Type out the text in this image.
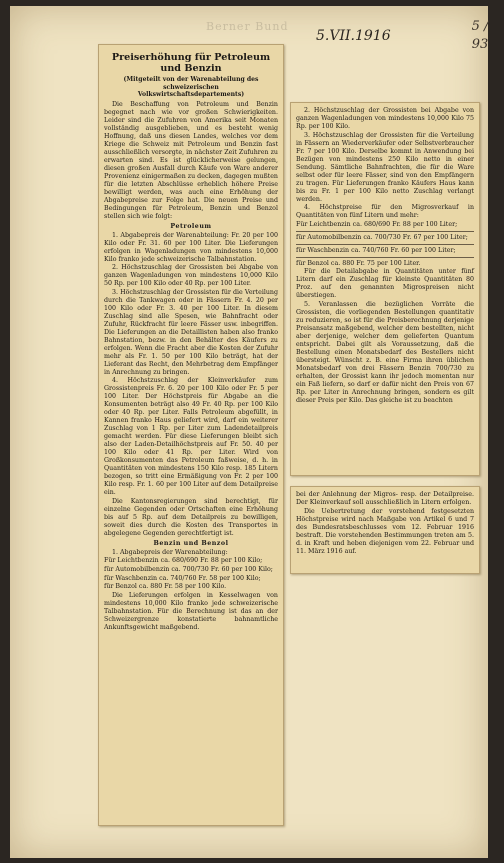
Berner Bund
5.VII.1916
5 / 93
Preiserhöhung für Petroleum
und Benzin
(Mitgeteilt von der Warenabteilung des schweizerischen Volkswirtschaftsdepartements)

Die Beschaffung von Petroleum und Benzin begegnet nach wie vor großen Schwierigkeiten. Leider sind die Zufuhren von Amerika seit Monaten vollständig ausgeblieben, und es besteht wenig Hoffnung, daß uns diesen Landes, welches vor dem Kriege die Schweiz mit Petroleum und Benzin fast ausschließlich versorgte, in nächster Zeit Zufuhren zu erwarten sind. Es ist glücklicherweise gelungen, diesen großen Ausfall durch Käufe von Ware anderer Provenienz einigermaßen zu decken, dagegen mußten für die letzten Abschlüsse erheblich höhere Preise bewilligt werden, was auch eine Erhöhung der Abgabepreise zur Folge hat. Die neuen Preise und Bedingungen für Petroleum, Benzin und Benzol stellen sich wie folgt:

Petroleum

1. Abgabepreis der Warenabteilung: Fr. 20 per 100 Kilo oder Fr. 31. 60 per 100 Liter. Die Lieferungen erfolgen in Wagenladungen von mindestens 10,000 Kilo franko jede schweizerische Talbahnstation.

2. Höchstzuschlag der Grossisten bei Abgabe von ganzen Wagenladungen von mindestens 10,000 Kilo 50 Rp. per 100 Kilo oder 40 Rp. per 100 Liter.

3. Höchstzuschlag der Grossisten für die Verteilung durch die Tankwagen oder in Fässern Fr. 4. 20 per 100 Kilo oder Fr. 3. 40 per 100 Liter. In diesem Zuschlag sind alle Spesen, wie Bahnfracht oder Zufuhr, Rückfracht für leere Fässer usw. inbegriffen. Die Lieferungen an die Detaillisten haben also franko Bahnstation, bezw. in den Behälter des Käufers zu erfolgen. Wenn die Fracht aber die Kosten der Zufuhr mehr als Fr. 1. 50 per 100 Kilo beträgt, hat der Lieferant das Recht, den Mehrbetrag dem Empfänger in Anrechnung zu bringen.

4. Höchstzuschlag der Kleinverkäufer zum Grossistenpreis Fr. 6. 20 per 100 Kilo oder Fr. 5 per 100 Liter. Der Höchstpreis für Abgabe an die Konsumenten beträgt also 49 Fr. 40 Rp. per 100 Kilo oder 40 Rp. per Liter. Falls Petroleum abgefüllt, in Kannen franko Haus geliefert wird, darf ein weiterer Zuschlag von 1 Rp. per Liter zum Ladendetailpreis gemacht werden. Für diese Lieferungen bleibt sich also der Laden-Detailhöchstpreis auf Fr. 50. 40 per 100 Kilo oder 41 Rp. per Liter. Wird von Großkonsumenten das Petroleum faßweise, d. h. in Quantitäten von mindestens 150 Kilo resp. 185 Litern bezogen, so tritt eine Ermäßigung von Fr. 2 per 100 Kilo resp. Fr. 1. 60 per 100 Liter auf dem Detailpreise ein.

Die Kantonsregierungen sind berechtigt, für einzelne Gegenden oder Ortschaften eine Erhöhung bis auf 5 Rp. auf dem Detailpreis zu bewilligen, soweit dies durch die Kosten des Transportes in abgelegene Gegenden gerechtfertigt ist.

Benzin und Benzol

1. Abgabepreis der Warenabteilung:

Für Leichtbenzin ca. 680/690 Fr. 88 per 100 Kilo;

für Automobilbenzin ca. 700/730 Fr. 60 per 100 Kilo;

für Waschbenzin ca. 740/760 Fr. 58 per 100 Kilo;

für Benzol ca. 880 Fr. 58 per 100 Kilo.

Die Lieferungen erfolgen in Kesselwagen von mindestens 10,000 Kilo franko jede schweizerische Talbahnstation. Für die Berechnung ist das an der Schweizergrenze konstatierte bahnamtliche Ankunftsgewicht maßgebend.

2. Höchstzuschlag der Grossisten bei Abgabe von ganzen Wagenladungen von mindestens 10,000 Kilo 75 Rp. per 100 Kilo.

3. Höchstzuschlag der Grossisten für die Verteilung in Fässern an Wiederverkäufer oder Selbstverbraucher Fr. 7 per 100 Kilo. Derselbe kommt in Anwendung bei Bezügen von mindestens 250 Kilo netto in einer Sendung. Sämtliche Bahnfrachten, die für die Ware selbst oder für leere Fässer, sind von den Empfängern zu tragen. Für Lieferungen franko Käufers Haus kann bis zu Fr. 1 per 100 Kilo netto Zuschlag verlangt werden.

4. Höchstpreise für den Migrosverkauf in Quantitäten von fünf Litern und mehr:

Für Leichtbenzin ca. 680/690 Fr. 88 per 100 Liter;

für Automobilbenzin ca. 700/730 Fr. 67 per 100 Liter;

für Waschbenzin ca. 740/760 Fr. 60 per 100 Liter;

für Benzol ca. 880 Fr. 75 per 100 Liter.

Für die Detailabgabe in Quantitäten unter fünf Litern darf ein Zuschlag für kleinste Quantitäten 80 Proz. auf den genannten Migrospreisen nicht überstiegen.

5. Veranlassen die bezüglichen Vorräte die Grossisten, die vorliegenden Bestellungen quantitativ zu reduzieren, so ist für die Preisberechnung derjenige Preisansatz maßgebend, welcher dem bestellten, nicht aber derjenige, welcher dem gelieferten Quantum entspricht. Dabei gilt als Voraussetzung, daß die Bestellung einen Monatsbedarf des Bestellers nicht übersteigt. Wünscht z. B. eine Firma ihren üblichen Monatsbedarf von drei Fässern Benzin 700/730 zu erhalten, der Grossist kann ihr jedoch momentan nur ein Faß liefern, so darf er dafür nicht den Preis von 67 Rp. per Liter in Anrechnung bringen, sondern es gilt dieser Preis per Kilo. Das gleiche ist zu beachten

bei der Anlehnung der Migros- resp. der Detailpreise. Der Kleinverkauf soll ausschließlich in Litern erfolgen.

Die Uebertretung der vorstehend festgesetzten Höchstpreise wird nach Maßgabe von Artikel 6 und 7 des Bundesratsbeschlusses vom 12. Februar 1916 bestraft. Die vorstehenden Bestimmungen treten am 5. d. in Kraft und heben diejenigen vom 22. Februar und 11. März 1916 auf.
